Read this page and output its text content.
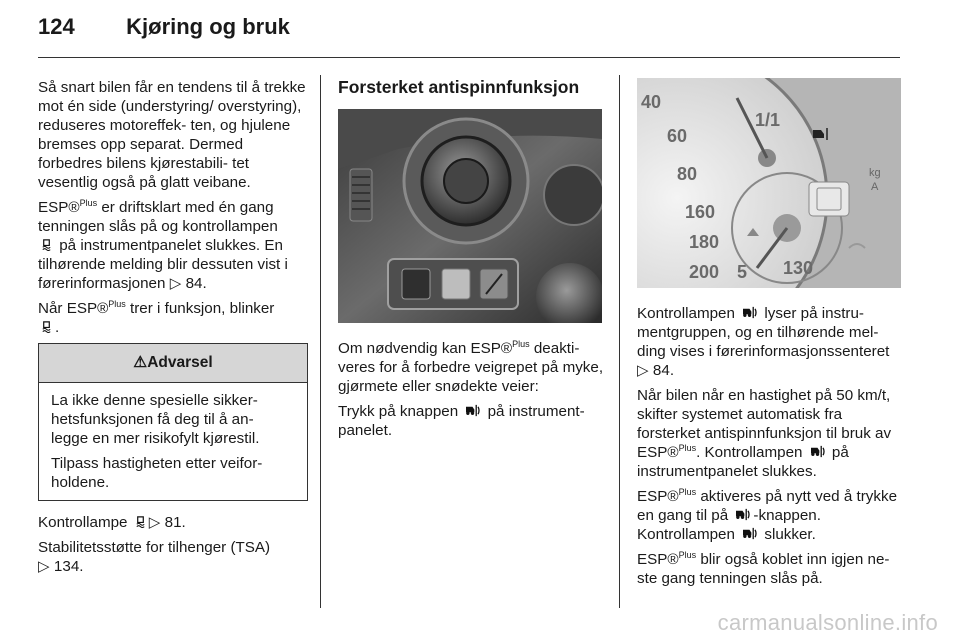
124 Kjøring og bruk

Så snart bilen får en tendens til å trekke mot én side (understyring/ overstyring), reduseres motoreffek- ten, og hjulene bremses opp separat. Dermed forbedres bilens kjørestabili- tet vesentlig også på glatt veibane.

ESP®$^{Plus}$ er driftsklart med én gang tenningen slås på og kontrollampen
på instrumentpanelet slukkes. En tilhørende melding blir dessuten vist i førerinformasjonen ▷ 84.

Når ESP®$^{Plus}$ trer i funksjon, blinker
.

⚠Advarsel

La ikke denne spesielle sikker- hetsfunksjonen få deg til å an- legge en mer risikofylt kjørestil.

Tilpass hastigheten etter veifor- holdene.

Kontrollampe ▷ 81.

Stabilitetsstøtte for tilhenger (TSA)
▷ 134.

Forsterket antispinnfunksjon

Om nødvendig kan ESP®$^{Plus}$ deakti- veres for å forbedre veigrepet på myke, gjørmete eller snødekte veier:

Trykk på knappen  på instrument- panelet.

40
60
80
160
180
200
1/1
5 130
kg
A

Kontrollampen  lyser på instru- mentgruppen, og en tilhørende mel- ding vises i førerinformasjonssenteret
▷ 84.

Når bilen når en hastighet på 50 km/t, skifter systemet automatisk fra forsterket antispinnfunksjon til bruk av ESP®$^{Plus}$. Kontrollampen  på instrumentpanelet slukkes.

ESP®$^{Plus}$ aktiveres på nytt ved å trykke en gang til på -knappen. Kontrollampen  slukker.

ESP®$^{Plus}$ blir også koblet inn igjen ne- ste gang tenningen slås på.

carmanualsonline.info
